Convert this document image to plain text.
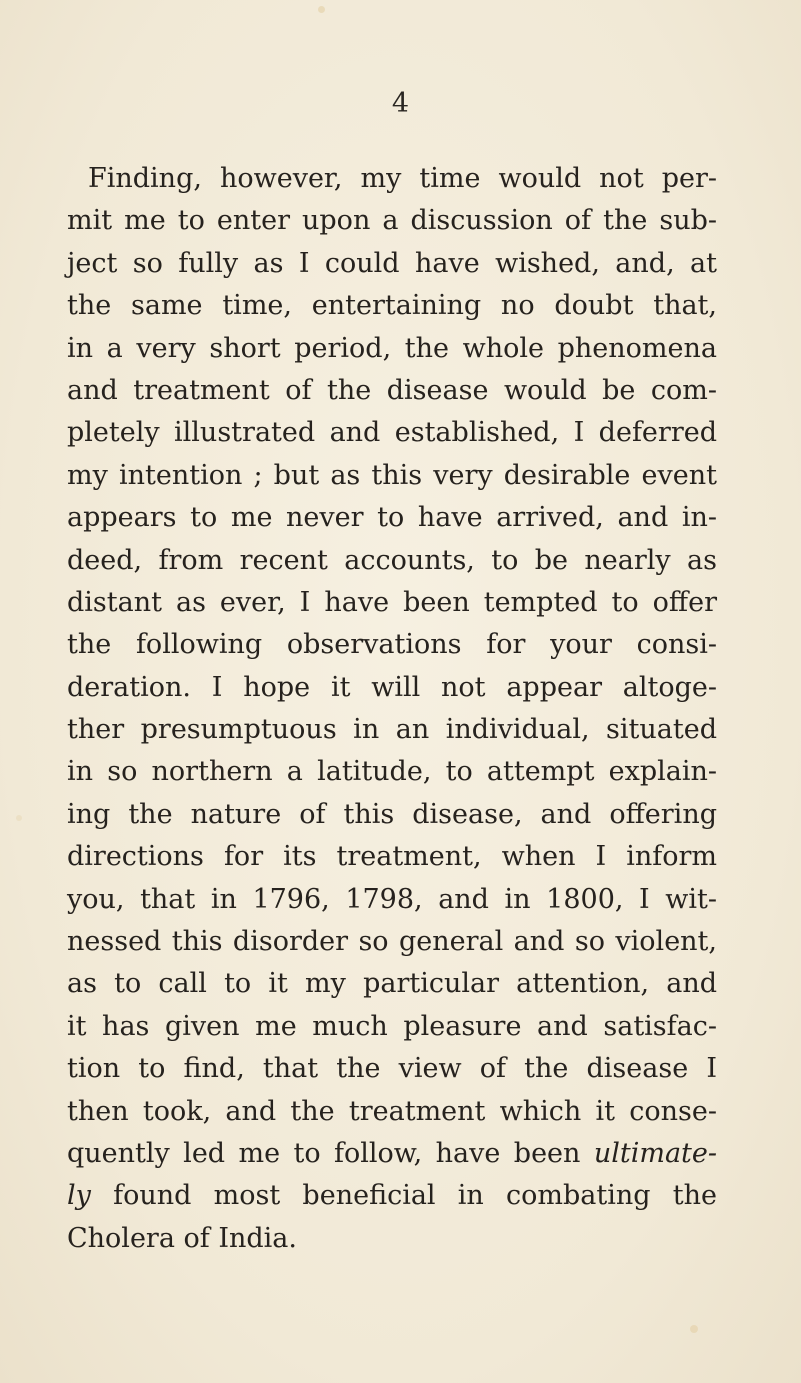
4
Finding, however, my time would not per-
mit me to enter upon a discussion of the sub-
ject so fully as I could have wished, and, at
the same time, entertaining no doubt that,
in a very short period, the whole phenomena
and treatment of the disease would be com-
pletely illustrated and established, I deferred
my intention ; but as this very desirable event
appears to me never to have arrived, and in-
deed, from recent accounts, to be nearly as
distant as ever, I have been tempted to offer
the following observations for your consi-
deration. I hope it will not appear altoge-
ther presumptuous in an individual, situated
in so northern a latitude, to attempt explain-
ing the nature of this disease, and offering
directions for its treatment, when I inform
you, that in 1796, 1798, and in 1800, I wit-
nessed this disorder so general and so violent,
as to call to it my particular attention, and
it has given me much pleasure and satisfac-
tion to find, that the view of the disease I
then took, and the treatment which it conse-
quently led me to follow, have been ultimate-
ly found most beneficial in combating the
Cholera of India.
